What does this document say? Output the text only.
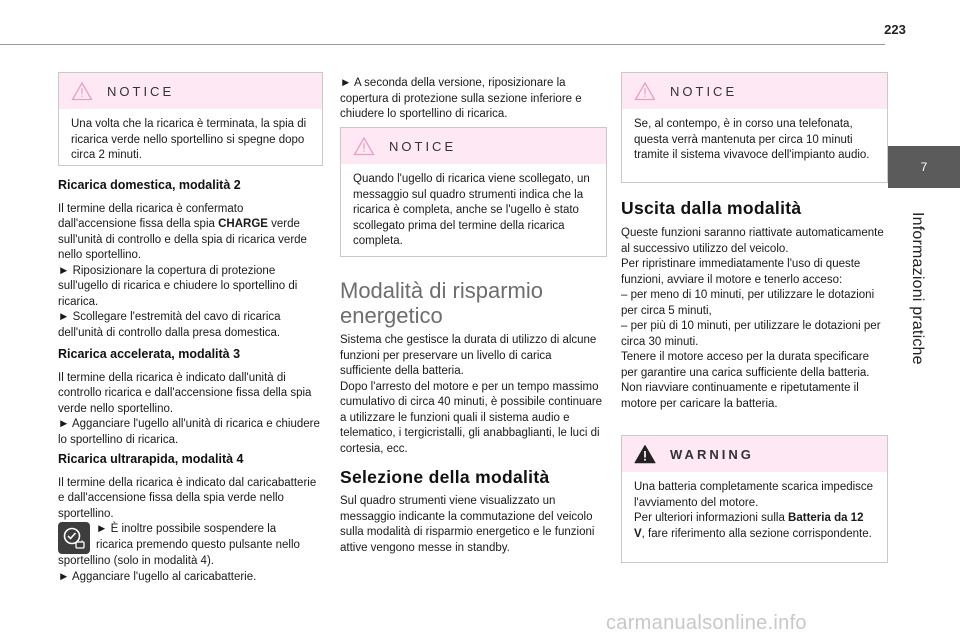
223
7
Informazioni pratiche
NOTICE
Una volta che la ricarica è terminata, la spia di ricarica verde nello sportellino si spegne dopo circa 2 minuti.

Ricarica domestica, modalità 2

Il termine della ricarica è confermato dall'accensione fissa della spia CHARGE verde sull'unità di controllo e della spia di ricarica verde nello sportellino.

► Riposizionare la copertura di protezione sull'ugello di ricarica e chiudere lo sportellino di ricarica.

► Scollegare l'estremità del cavo di ricarica dell'unità di controllo dalla presa domestica.

Ricarica accelerata, modalità 3

Il termine della ricarica è indicato dall'unità di controllo ricarica e dall'accensione fissa della spia verde nello sportellino.

► Agganciare l'ugello all'unità di ricarica e chiudere lo sportellino di ricarica.

Ricarica ultrarapida, modalità 4

Il termine della ricarica è indicato dal caricabatterie e dall'accensione fissa della spia verde nello sportellino.

► È inoltre possibile sospendere la
ricarica premendo questo pulsante nello

sportellino (solo in modalità 4).

► Agganciare l'ugello al caricabatterie.

► A seconda della versione, riposizionare la copertura di protezione sulla sezione inferiore e chiudere lo sportellino di ricarica.
NOTICE
Quando l'ugello di ricarica viene scollegato, un messaggio sul quadro strumenti indica che la ricarica è completa, anche se l'ugello è stato scollegato prima del termine della ricarica completa.
Modalità di risparmio
energetico

Sistema che gestisce la durata di utilizzo di alcune funzioni per preservare un livello di carica sufficiente della batteria.

Dopo l'arresto del motore e per un tempo massimo cumulativo di circa 40 minuti, è possibile continuare a utilizzare le funzioni quali il sistema audio e telematico, i tergicristalli, gli anabbaglianti, le luci di cortesia, ecc.

Selezione della modalità
Sul quadro strumenti viene visualizzato un messaggio indicante la commutazione del veicolo sulla modalità di risparmio energetico e le funzioni attive vengono messe in standby.
NOTICE
Se, al contempo, è in corso una telefonata, questa verrà mantenuta per circa 10 minuti tramite il sistema vivavoce dell'impianto audio.
Uscita dalla modalità

Queste funzioni saranno riattivate automaticamente al successivo utilizzo del veicolo.

Per ripristinare immediatamente l'uso di queste funzioni, avviare il motore e tenerlo acceso:

– per meno di 10 minuti, per utilizzare le dotazioni per circa 5 minuti,

– per più di 10 minuti, per utilizzare le dotazioni per circa 30 minuti.

Tenere il motore acceso per la durata specificare per garantire una carica sufficiente della batteria.

Non riavviare continuamente e ripetutamente il motore per caricare la batteria.

WARNING

Una batteria completamente scarica impedisce l'avviamento del motore.

Per ulteriori informazioni sulla Batteria da 12 V, fare riferimento alla sezione corrispondente.

carmanualsonline.info
